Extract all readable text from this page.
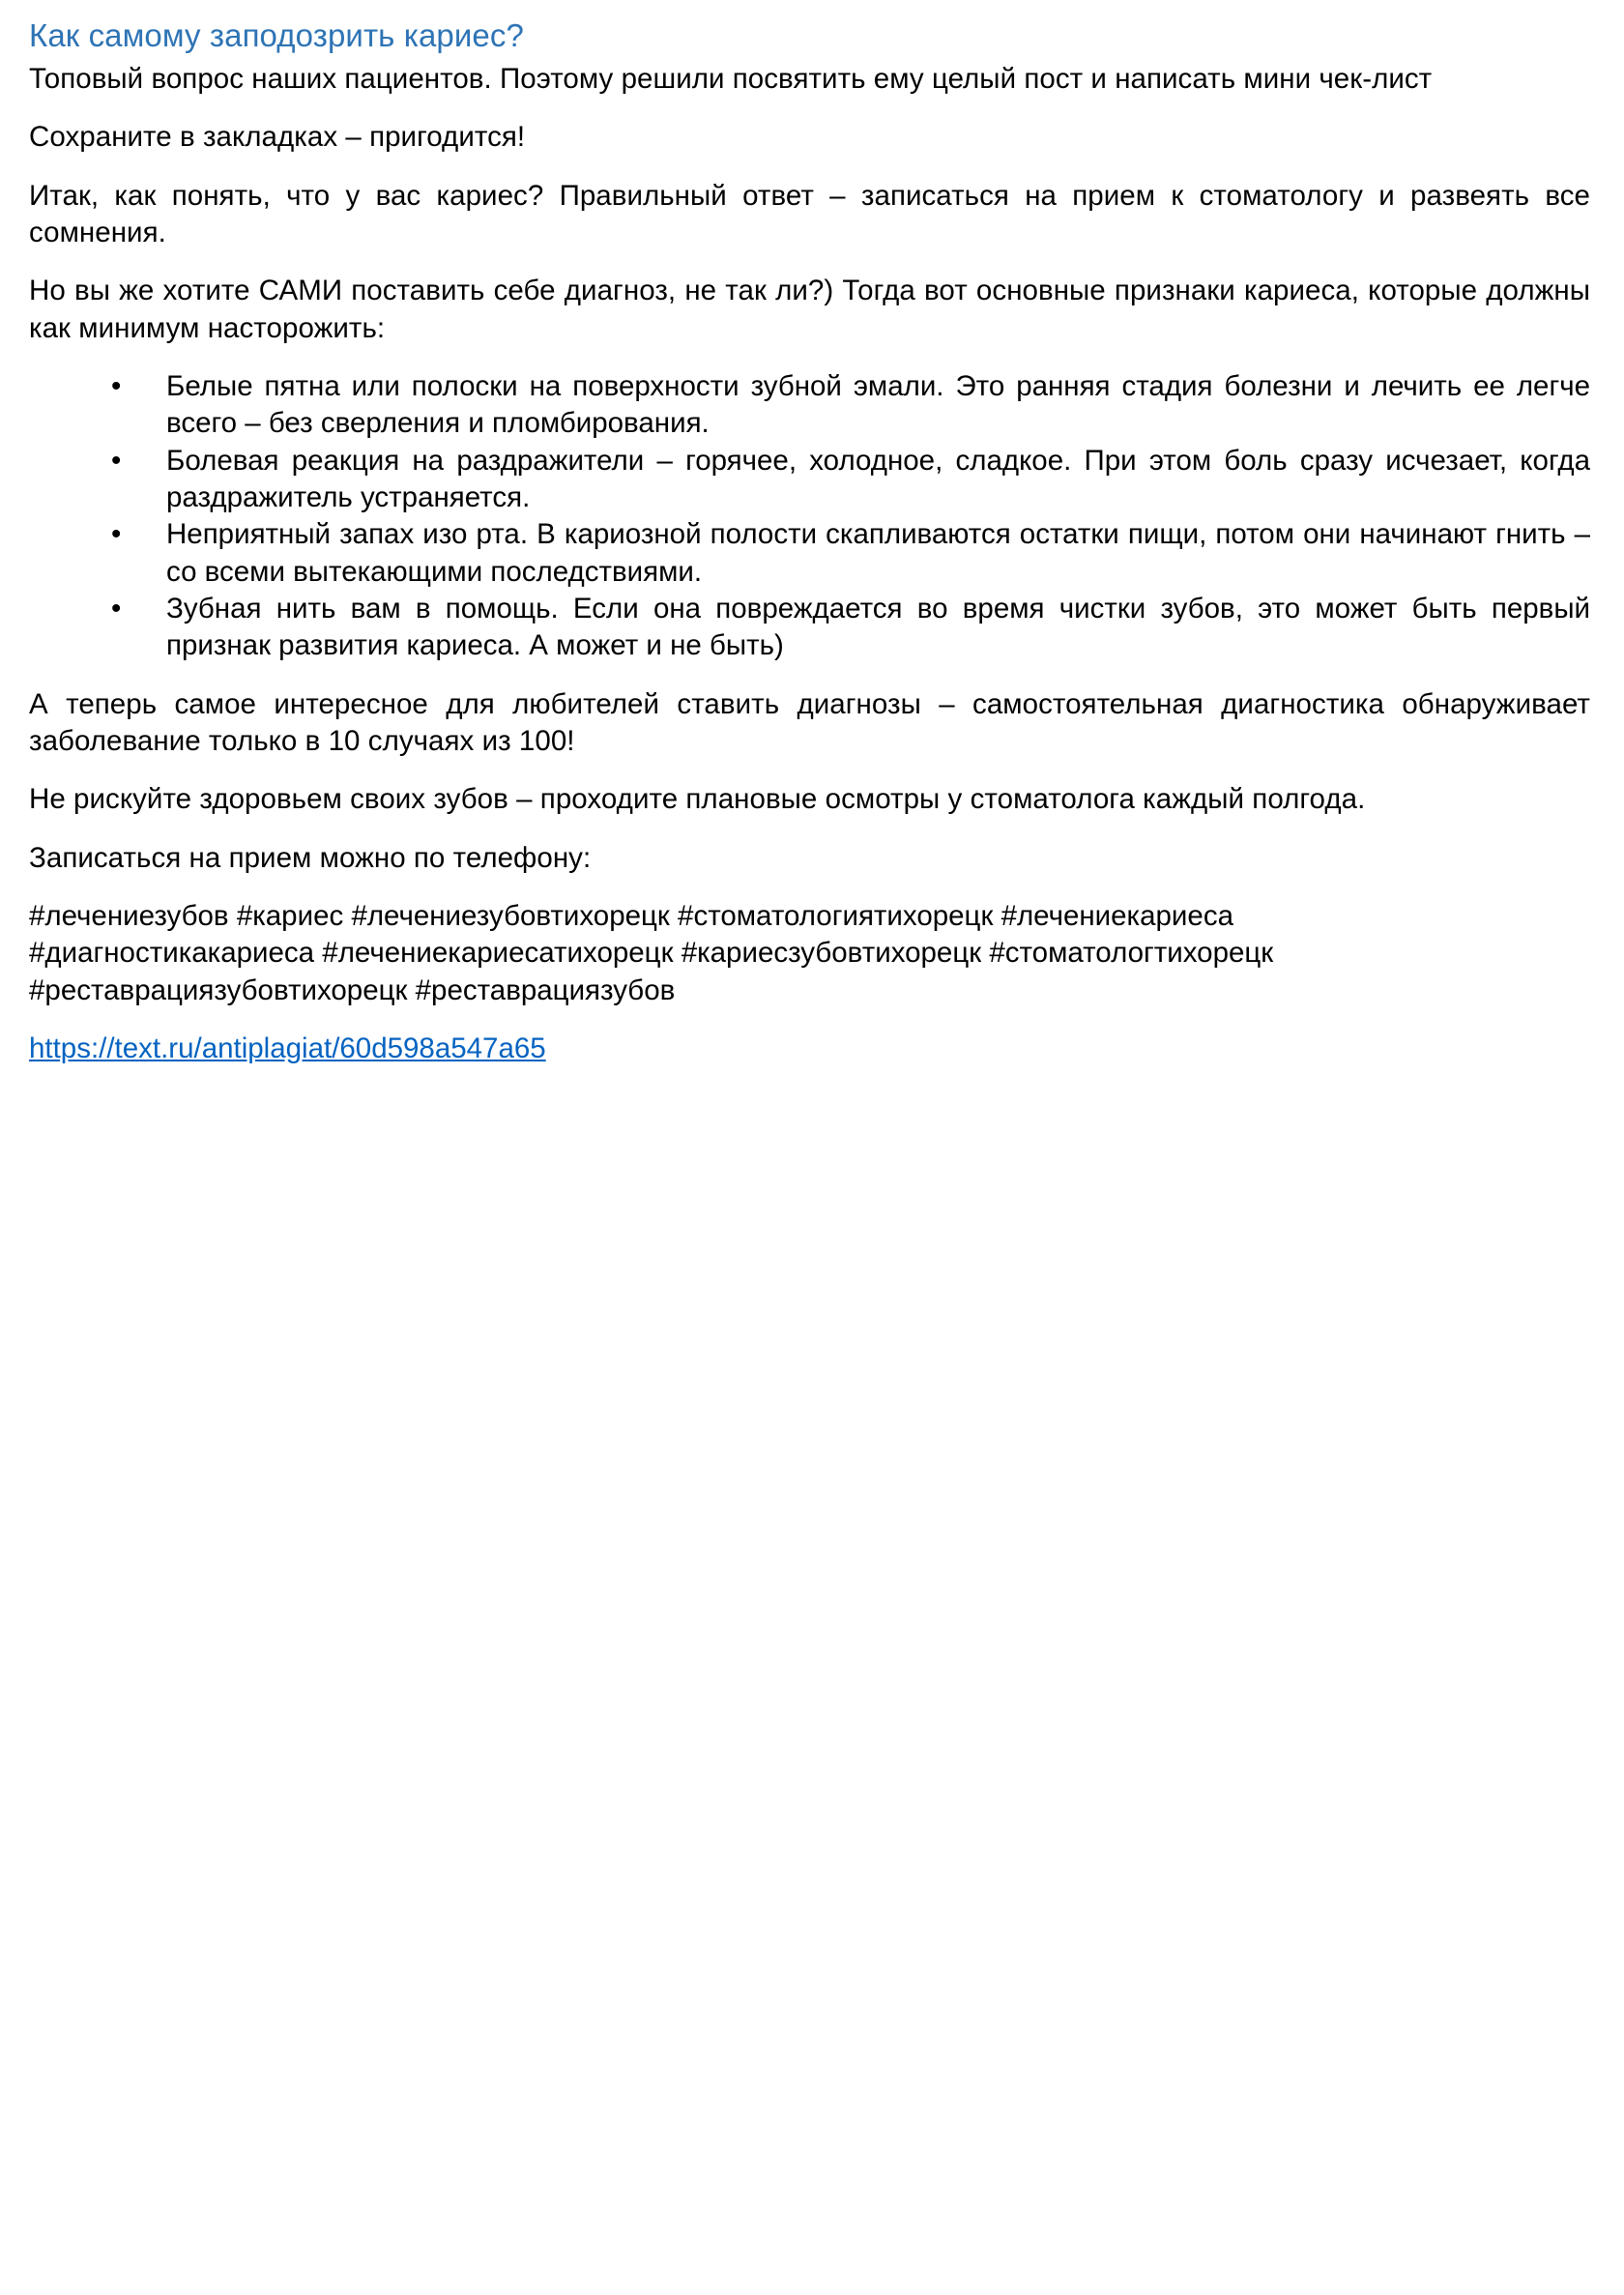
Как самому заподозрить кариес?

Топовый вопрос наших пациентов. Поэтому решили посвятить ему целый пост и написать мини чек-лист

Сохраните в закладках – пригодится!

Итак, как понять, что у вас кариес? Правильный ответ – записаться на прием к стоматологу и развеять все сомнения.

Но вы же хотите САМИ поставить себе диагноз, не так ли?) Тогда вот основные признаки кариеса, которые должны как минимум насторожить:

• Белые пятна или полоски на поверхности зубной эмали. Это ранняя стадия болезни и лечить ее легче всего – без сверления и пломбирования.
• Болевая реакция на раздражители – горячее, холодное, сладкое. При этом боль сразу исчезает, когда раздражитель устраняется.
• Неприятный запах изо рта. В кариозной полости скапливаются остатки пищи, потом они начинают гнить – со всеми вытекающими последствиями.
• Зубная нить вам в помощь. Если она повреждается во время чистки зубов, это может быть первый признак развития кариеса. А может и не быть)

А теперь самое интересное для любителей ставить диагнозы – самостоятельная диагностика обнаруживает заболевание только в 10 случаях из 100!

Не рискуйте здоровьем своих зубов – проходите плановые осмотры у стоматолога каждый полгода.

Записаться на прием можно по телефону:

#лечениезубов #кариес #лечениезубовтихорецк #стоматологиятихорецк #лечениекариеса
#диагностикакариеса #лечениекариесатихорецк #кариесзубовтихорецк #стоматологтихорецк
#реставрациязубовтихорецк #реставрациязубов

https://text.ru/antiplagiat/60d598a547a65
